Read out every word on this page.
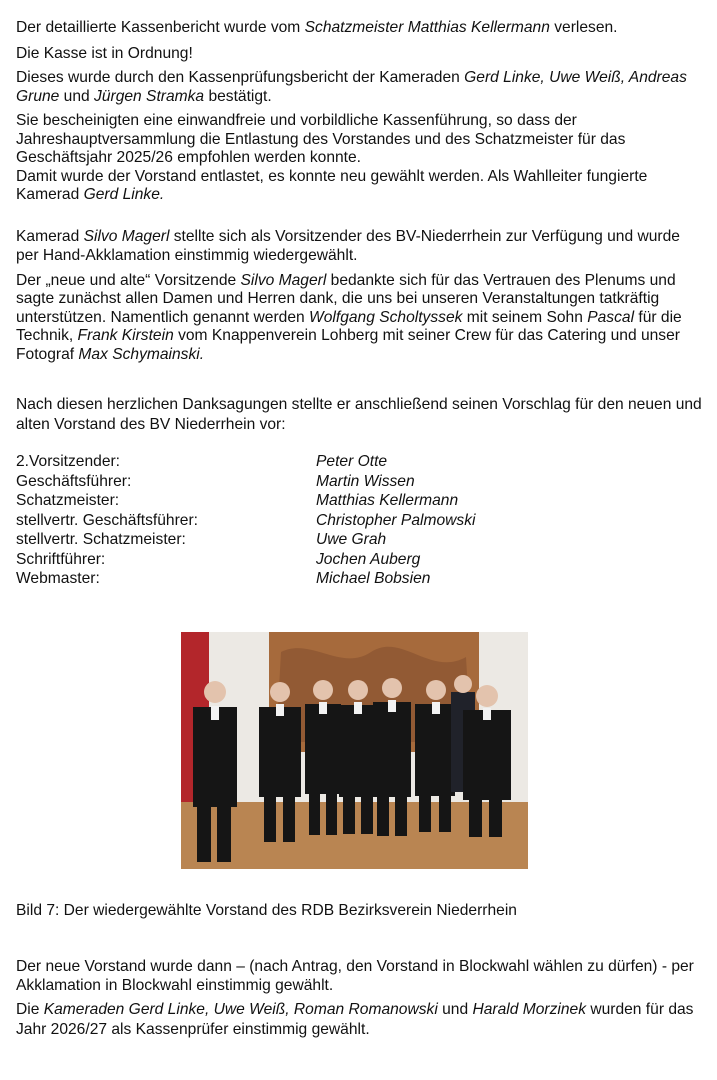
Der detaillierte Kassenbericht wurde vom Schatzmeister Matthias Kellermann verlesen.

Die Kasse ist in Ordnung!

Dieses wurde durch den Kassenprüfungsbericht der Kameraden Gerd Linke, Uwe Weiß, Andreas Grune und Jürgen Stramka bestätigt.

Sie bescheinigten eine einwandfreie und vorbildliche Kassenführung, so dass der Jahreshauptversammlung die Entlastung des Vorstandes und des Schatzmeister für das Geschäftsjahr 2025/26 empfohlen werden konnte.
Damit wurde der Vorstand entlastet, es konnte neu gewählt werden. Als Wahlleiter fungierte Kamerad Gerd Linke.

Kamerad Silvo Magerl stellte sich als Vorsitzender des BV-Niederrhein zur Verfügung und wurde per Hand-Akklamation einstimmig wiedergewählt.

Der „neue und alte“ Vorsitzende Silvo Magerl bedankte sich für das Vertrauen des Plenums und sagte zunächst allen Damen und Herren dank, die uns bei unseren Veranstaltungen tatkräftig unterstützen. Namentlich genannt werden Wolfgang Scholtyssek mit seinem Sohn Pascal für die Technik, Frank Kirstein vom Knappenverein Lohberg mit seiner Crew für das Catering und unser Fotograf Max Schymainski.

Nach diesen herzlichen Danksagungen stellte er anschließend seinen Vorschlag für den neuen und alten Vorstand des BV Niederrhein vor:

2.Vorsitzender:	Peter Otte
Geschäftsführer:	Martin Wissen
Schatzmeister:	Matthias Kellermann
stellvertr. Geschäftsführer:	Christopher Palmowski
stellvertr. Schatzmeister:	Uwe Grah
Schriftführer:	Jochen Auberg
Webmaster:	Michael Bobsien

Bild 7: Der wiedergewählte Vorstand des RDB Bezirksverein Niederrhein

Der neue Vorstand wurde dann – (nach Antrag, den Vorstand in Blockwahl wählen zu dürfen) - per Akklamation in Blockwahl einstimmig gewählt.

Die Kameraden Gerd Linke, Uwe Weiß, Roman Romanowski und Harald Morzinek wurden für das Jahr 2026/27 als Kassenprüfer einstimmig gewählt.
